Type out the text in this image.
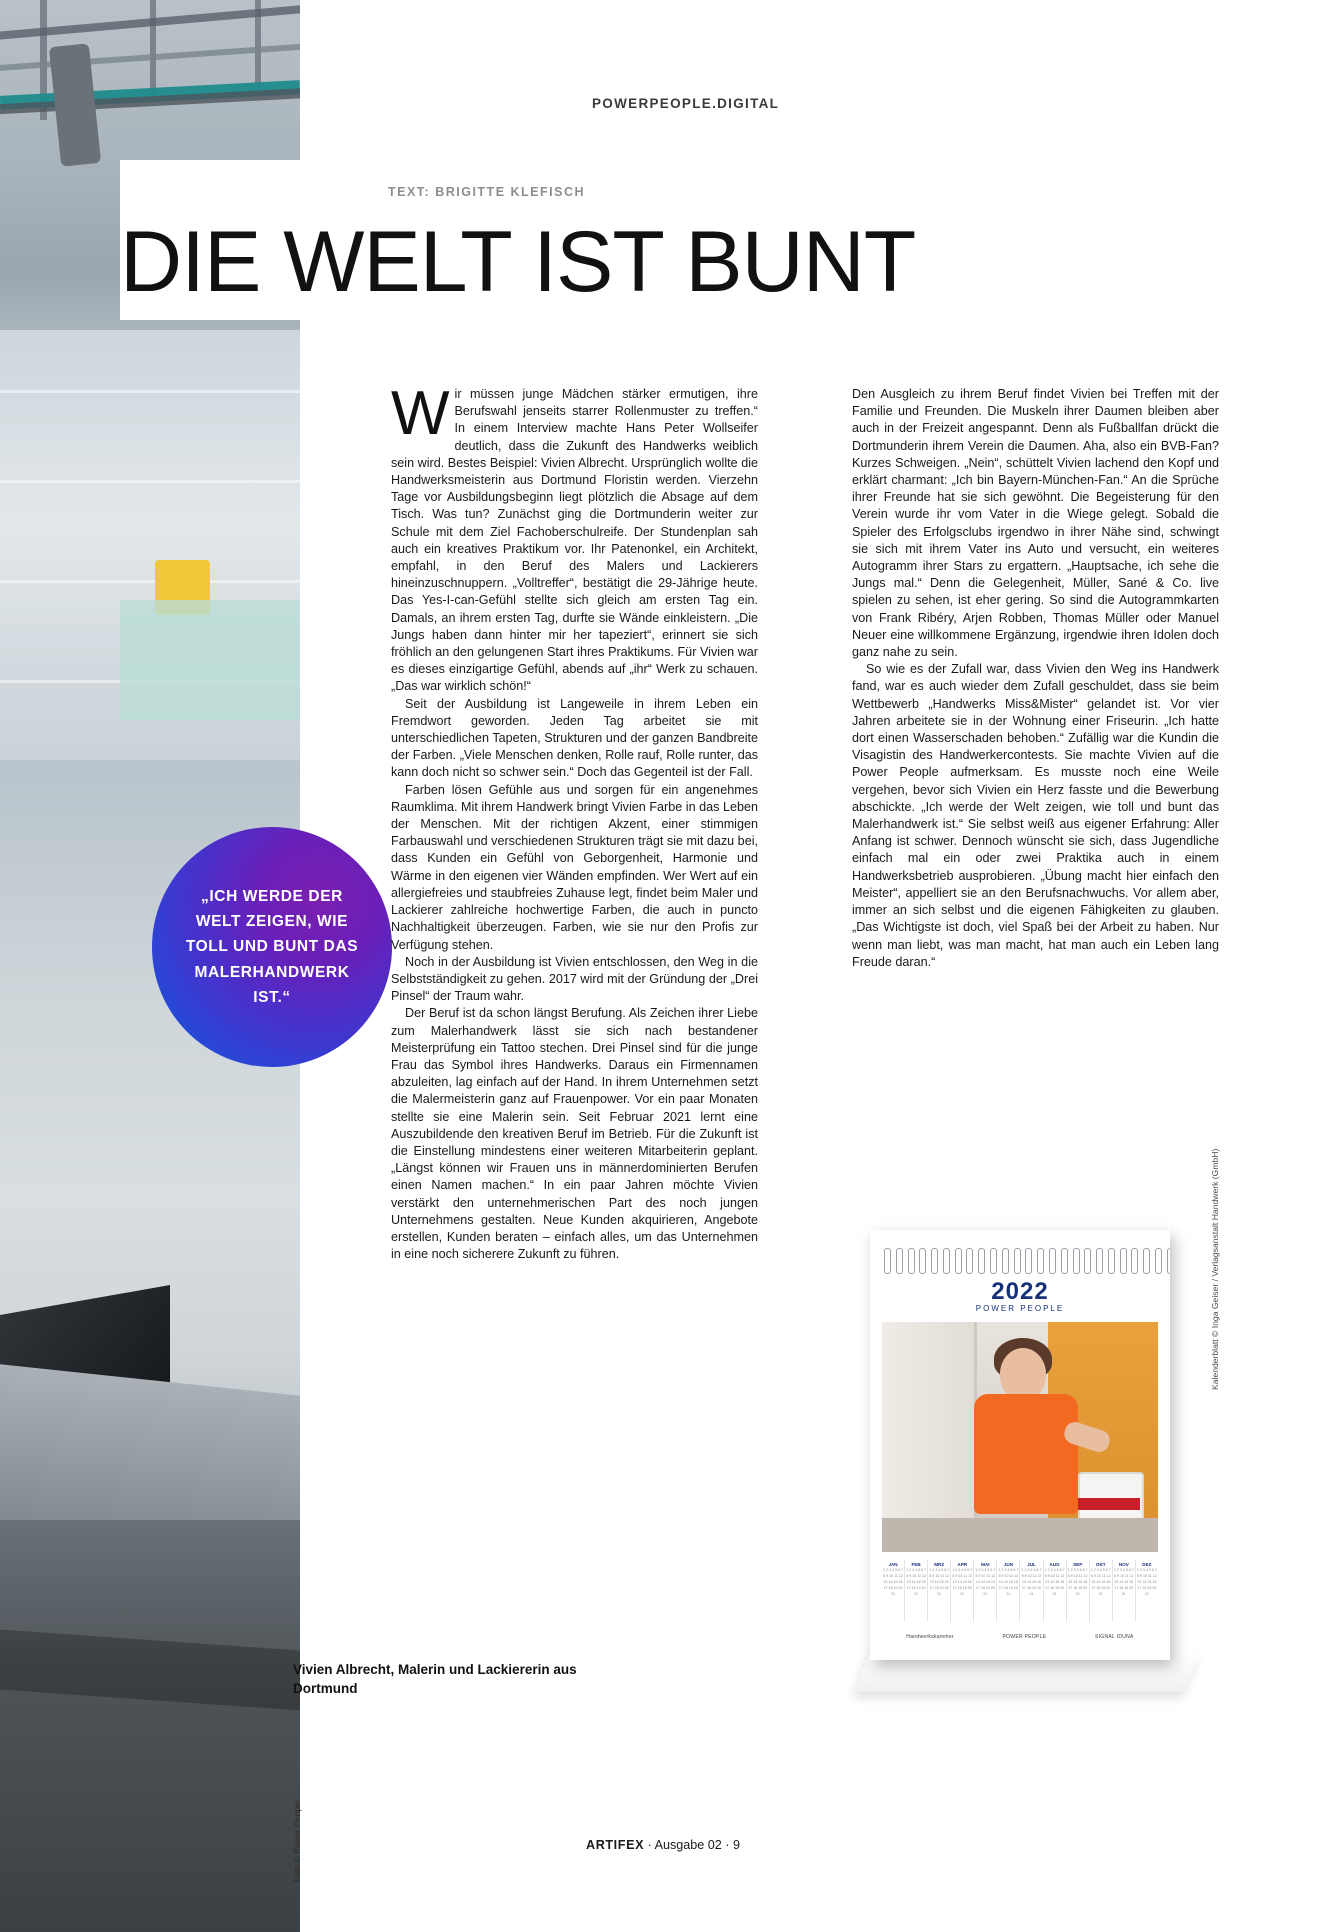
POWERPEOPLE.DIGITAL
TEXT: BRIGITTE KLEFISCH
DIE WELT IST BUNT
„ICH WERDE DER WELT ZEIGEN, WIE TOLL UND BUNT DAS MALERHANDWERK IST.“

Wir müssen junge Mädchen stärker ermutigen, ihre Berufswahl jenseits starrer Rollenmuster zu treffen.“ In einem Interview machte Hans Peter Wollseifer deutlich, dass die Zukunft des Handwerks weiblich sein wird. Bestes Beispiel: Vivien Albrecht. Ursprünglich wollte die Handwerksmeisterin aus Dortmund Floristin werden. Vierzehn Tage vor Ausbildungsbeginn liegt plötzlich die Absage auf dem Tisch. Was tun? Zunächst ging die Dortmunderin weiter zur Schule mit dem Ziel Fachoberschulreife. Der Stundenplan sah auch ein kreatives Praktikum vor. Ihr Patenonkel, ein Architekt, empfahl, in den Beruf des Malers und Lackierers hineinzuschnuppern. „Volltreffer“, bestätigt die 29-Jährige heute. Das Yes-I-can-Gefühl stellte sich gleich am ersten Tag ein. Damals, an ihrem ersten Tag, durfte sie Wände einkleistern. „Die Jungs haben dann hinter mir her tapeziert“, erinnert sie sich fröhlich an den gelungenen Start ihres Praktikums. Für Vivien war es dieses einzigartige Gefühl, abends auf „ihr“ Werk zu schauen. „Das war wirklich schön!“

Seit der Ausbildung ist Langeweile in ihrem Leben ein Fremdwort geworden. Jeden Tag arbeitet sie mit unterschiedlichen Tapeten, Strukturen und der ganzen Bandbreite der Farben. „Viele Menschen denken, Rolle rauf, Rolle runter, das kann doch nicht so schwer sein.“ Doch das Gegenteil ist der Fall.

Farben lösen Gefühle aus und sorgen für ein angenehmes Raumklima. Mit ihrem Handwerk bringt Vivien Farbe in das Leben der Menschen. Mit der richtigen Akzent, einer stimmigen Farbauswahl und verschiedenen Strukturen trägt sie mit dazu bei, dass Kunden ein Gefühl von Geborgenheit, Harmonie und Wärme in den eigenen vier Wänden empfinden. Wer Wert auf ein allergiefreies und staubfreies Zuhause legt, findet beim Maler und Lackierer zahlreiche hochwertige Farben, die auch in puncto Nachhaltigkeit überzeugen. Farben, wie sie nur den Profis zur Verfügung stehen.

Noch in der Ausbildung ist Vivien entschlossen, den Weg in die Selbstständigkeit zu gehen. 2017 wird mit der Gründung der „Drei Pinsel“ der Traum wahr.

Der Beruf ist da schon längst Berufung. Als Zeichen ihrer Liebe zum Malerhandwerk lässt sie sich nach bestandener Meisterprüfung ein Tattoo stechen. Drei Pinsel sind für die junge Frau das Symbol ihres Handwerks. Daraus ein Firmennamen abzuleiten, lag einfach auf der Hand. In ihrem Unternehmen setzt die Malermeisterin ganz auf Frauenpower. Vor ein paar Monaten stellte sie eine Malerin sein. Seit Februar 2021 lernt eine Auszubildende den kreativen Beruf im Betrieb. Für die Zukunft ist die Einstellung mindestens einer weiteren Mitarbeiterin geplant. „Längst können wir Frauen uns in männerdominierten Berufen einen Namen machen.“ In ein paar Jahren möchte Vivien verstärkt den unternehmerischen Part des noch jungen Unternehmens gestalten. Neue Kunden akquirieren, Angebote erstellen, Kunden beraten – einfach alles, um das Unternehmen in eine noch sicherere Zukunft zu führen.

Den Ausgleich zu ihrem Beruf findet Vivien bei Treffen mit der Familie und Freunden. Die Muskeln ihrer Daumen bleiben aber auch in der Freizeit angespannt. Denn als Fußballfan drückt die Dortmunderin ihrem Verein die Daumen. Aha, also ein BVB-Fan? Kurzes Schweigen. „Nein“, schüttelt Vivien lachend den Kopf und erklärt charmant: „Ich bin Bayern-München-Fan.“ An die Sprüche ihrer Freunde hat sie sich gewöhnt. Die Begeisterung für den Verein wurde ihr vom Vater in die Wiege gelegt. Sobald die Spieler des Erfolgsclubs irgendwo in ihrer Nähe sind, schwingt sie sich mit ihrem Vater ins Auto und versucht, ein weiteres Autogramm ihrer Stars zu ergattern. „Hauptsache, ich sehe die Jungs mal.“ Denn die Gelegenheit, Müller, Sané & Co. live spielen zu sehen, ist eher gering. So sind die Autogrammkarten von Frank Ribéry, Arjen Robben, Thomas Müller oder Manuel Neuer eine willkommene Ergänzung, irgendwie ihren Idolen doch ganz nahe zu sein.

So wie es der Zufall war, dass Vivien den Weg ins Handwerk fand, war es auch wieder dem Zufall geschuldet, dass sie beim Wettbewerb „Handwerks Miss&Mister“ gelandet ist. Vor vier Jahren arbeitete sie in der Wohnung einer Friseurin. „Ich hatte dort einen Wasserschaden behoben.“ Zufällig war die Kundin die Visagistin des Handwerkercontests. Sie machte Vivien auf die Power People aufmerksam. Es musste noch eine Weile vergehen, bevor sich Vivien ein Herz fasste und die Bewerbung abschickte. „Ich werde der Welt zeigen, wie toll und bunt das Malerhandwerk ist.“ Sie selbst weiß aus eigener Erfahrung: Aller Anfang ist schwer. Dennoch wünscht sie sich, dass Jugendliche einfach mal ein oder zwei Praktika auch in einem Handwerksbetrieb ausprobieren. „Übung macht hier einfach den Meister“, appelliert sie an den Berufsnachwuchs. Vor allem aber, immer an sich selbst und die eigenen Fähigkeiten zu glauben. „Das Wichtigste ist doch, viel Spaß bei der Arbeit zu haben. Nur wenn man liebt, was man macht, hat man auch ein Leben lang Freude daran.“

2022
POWER PEOPLE
JAN
1 2 3 4 5 6 7 8 9 10 11 12 13 14 15 16 17 18 19 20 21
FEB
1 2 3 4 5 6 7 8 9 10 11 12 13 14 15 16 17 18 19 20 21
MRZ
1 2 3 4 5 6 7 8 9 10 11 12 13 14 15 16 17 18 19 20 21
APR
1 2 3 4 5 6 7 8 9 10 11 12 13 14 15 16 17 18 19 20 21
MAI
1 2 3 4 5 6 7 8 9 10 11 12 13 14 15 16 17 18 19 20 21
JUN
1 2 3 4 5 6 7 8 9 10 11 12 13 14 15 16 17 18 19 20 21
JUL
1 2 3 4 5 6 7 8 9 10 11 12 13 14 15 16 17 18 19 20 21
AUG
1 2 3 4 5 6 7 8 9 10 11 12 13 14 15 16 17 18 19 20 21
SEP
1 2 3 4 5 6 7 8 9 10 11 12 13 14 15 16 17 18 19 20 21
OKT
1 2 3 4 5 6 7 8 9 10 11 12 13 14 15 16 17 18 19 20 21
NOV
1 2 3 4 5 6 7 8 9 10 11 12 13 14 15 16 17 18 19 20 21
DEZ
1 2 3 4 5 6 7 8 9 10 11 12 13 14 15 16 17 18 19 20 21
Handwerkskammer	POWER PEOPLE	SIGNAL IDUNA
Kalenderblatt © Inga Geiser / Verlagsanstalt Handwerk (GmbH)
Foto © Power People
Vivien Albrecht, Malerin und Lackiererin aus Dortmund
ARTIFEX · Ausgabe 02 · 9
